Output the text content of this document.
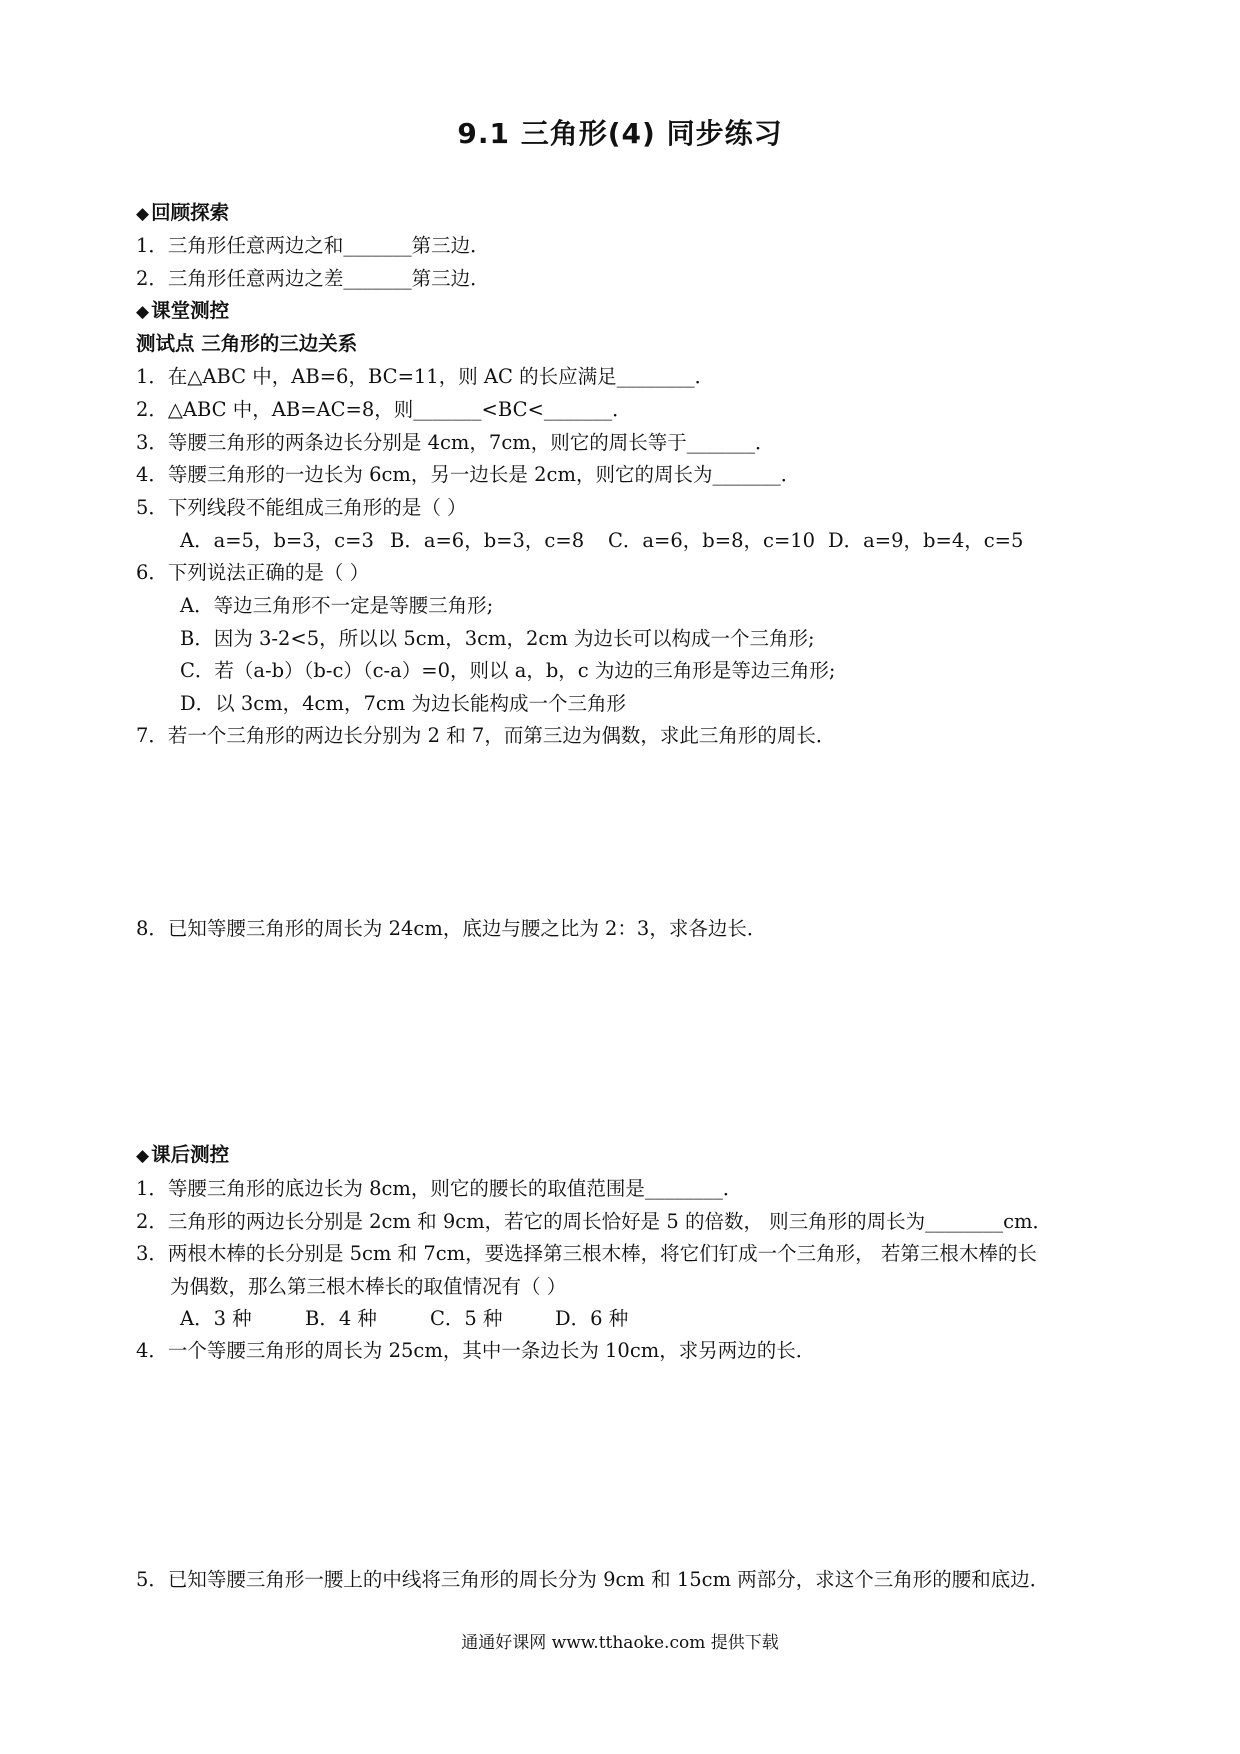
9.1 三角形(4) 同步练习
◆ 回顾探索
1．三角形任意两边之和_______第三边．
2．三角形任意两边之差_______第三边．
◆ 课堂测控
测试点 三角形的三边关系
1．在△ABC 中，AB=6，BC=11，则 AC 的长应满足________．
2．△ABC 中，AB=AC=8，则_______<BC<_______．
3．等腰三角形的两条边长分别是 4cm，7cm，则它的周长等于_______．
4．等腰三角形的一边长为 6cm，另一边长是 2cm，则它的周长为_______．
5．下列线段不能组成三角形的是（ ）
A．a=5，b=3，c=3 B．a=6，b=3，c=8 C．a=6，b=8，c=10 D．a=9，b=4，c=5
6．下列说法正确的是（ ）
A．等边三角形不一定是等腰三角形;
B．因为 3-2<5，所以以 5cm，3cm，2cm 为边长可以构成一个三角形;
C．若（a-b）（b-c）（c-a）=0，则以 a，b，c 为边的三角形是等边三角形;
D．以 3cm，4cm，7cm 为边长能构成一个三角形
7．若一个三角形的两边长分别为 2 和 7，而第三边为偶数，求此三角形的周长．
8．已知等腰三角形的周长为 24cm，底边与腰之比为 2：3，求各边长．
◆ 课后测控
1．等腰三角形的底边长为 8cm，则它的腰长的取值范围是________．
2．三角形的两边长分别是 2cm 和 9cm，若它的周长恰好是 5 的倍数， 则三角形的周长为________cm．
3．两根木棒的长分别是 5cm 和 7cm，要选择第三根木棒，将它们钉成一个三角形， 若第三根木棒的长
为偶数，那么第三根木棒长的取值情况有（ ）
A．3 种	B．4 种	C．5 种	D．6 种
4．一个等腰三角形的周长为 25cm，其中一条边长为 10cm，求另两边的长．
5．已知等腰三角形一腰上的中线将三角形的周长分为 9cm 和 15cm 两部分，求这个三角形的腰和底边．
通通好课网 www.tthaoke.com 提供下载
